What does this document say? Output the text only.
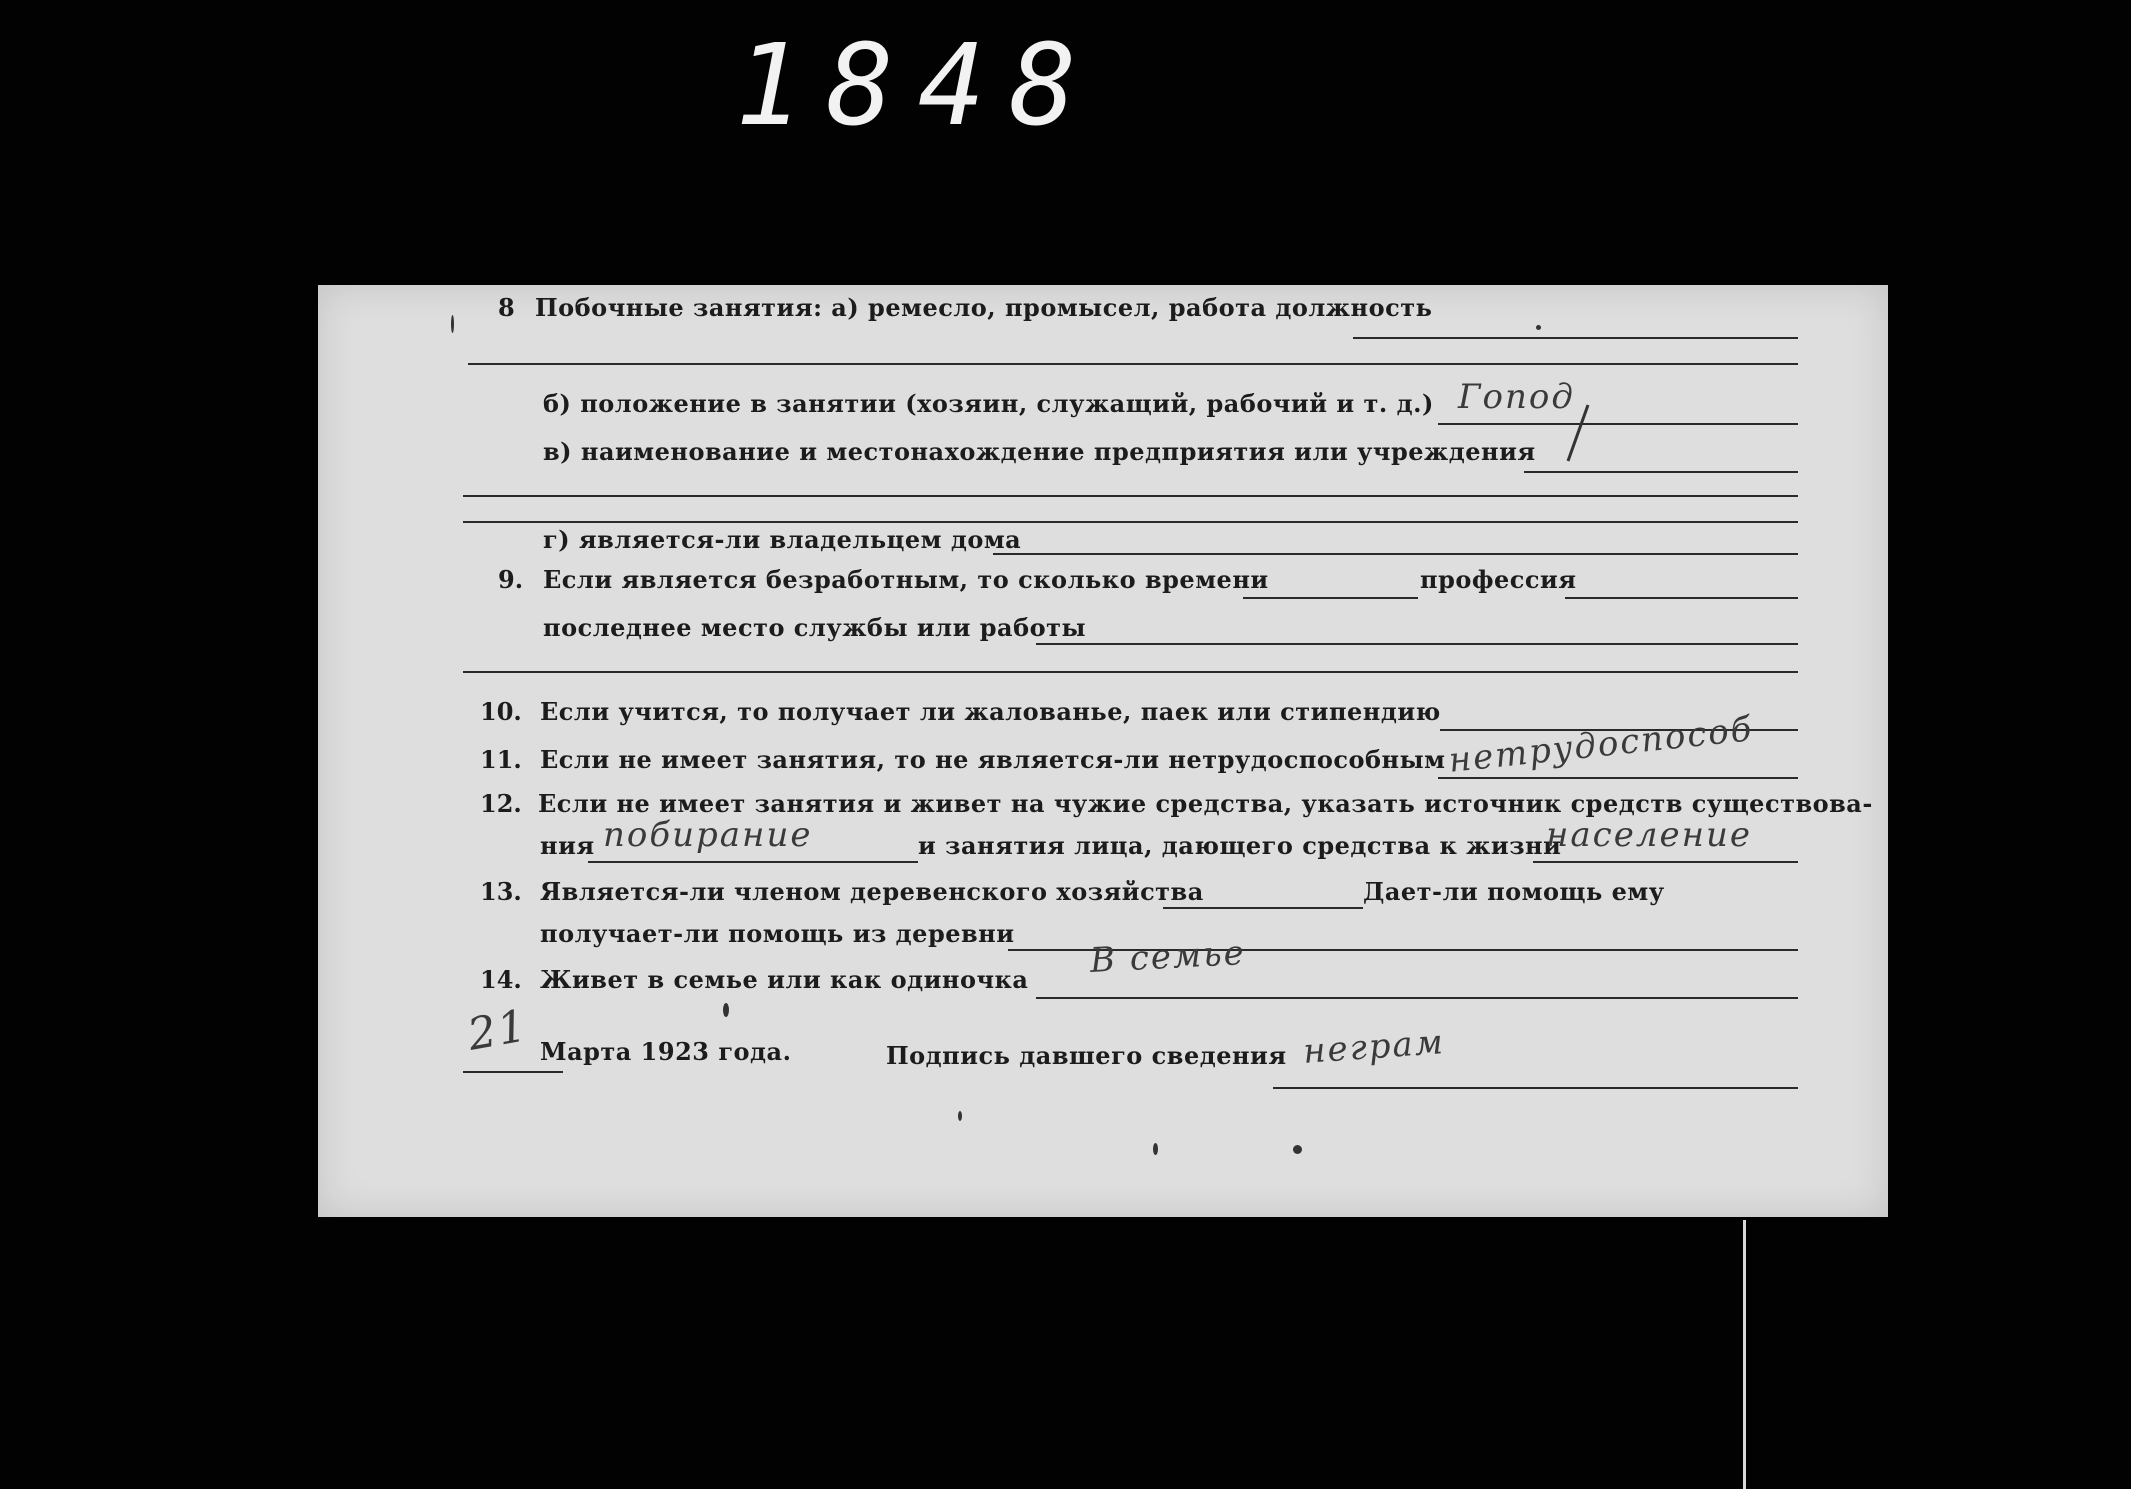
1848
8 Побочные занятия: а) ремесло, промысел, работа должность
б) положение в занятии (хозяин, служащий, рабочий и т. д.) Гопод
в) наименование и местонахождение предприятия или учреждения
г) является-ли владельцем дома
9. Если является безработным, то сколько времени	профессия
последнее место службы или работы
10. Если учится, то получает ли жалованье, паек или стипендию
11. Если не имеет занятия, то не является-ли нетрудоспособным нетрудоспособ
12. Если не имеет занятия и живет на чужие средства, указать источник средств существова-
ния побирание	и занятия лица, дающего средства к жизни
население
13. Является-ли членом деревенского хозяйства	Дает-ли помощь ему
получает-ли помощь из деревни
14. Живет в семье или как одиночка В семье
21 Марта 1923 года.	Подпись давшего сведения неграм
